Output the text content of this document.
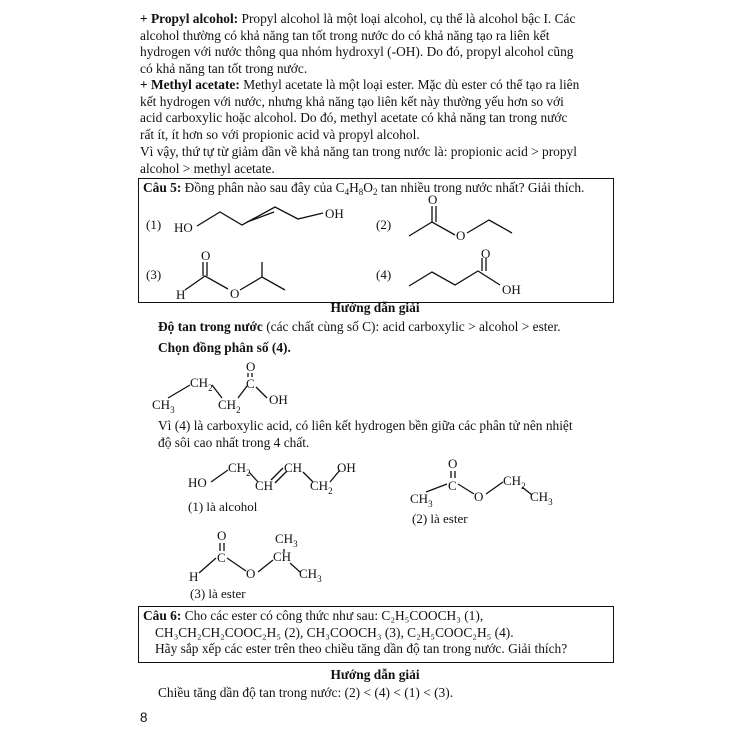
+ Propyl alcohol: Propyl alcohol là một loại alcohol, cụ thể là alcohol bậc I. Các
alcohol thường có khả năng tan tốt trong nước do có khả năng tạo ra liên kết
hydrogen với nước thông qua nhóm hydroxyl (-OH). Do đó, propyl alcohol cũng
có khả năng tan tốt trong nước.
+ Methyl acetate: Methyl acetate là một loại ester. Mặc dù ester có thể tạo ra liên
kết hydrogen với nước, nhưng khả năng tạo liên kết này thường yếu hơn so với
acid carboxylic hoặc alcohol. Do đó, methyl acetate có khả năng tan trong nước
rất ít, ít hơn so với propionic acid và propyl alcohol.
Vì vậy, thứ tự từ giảm dần về khả năng tan trong nước là: propionic acid > propyl
alcohol > methyl acetate.
Câu 5: Đồng phân nào sau đây của $C_4H_8O_2$ tan nhiều trong nước nhất? Giải thích.
(1) HO
OH
(2)
O
O
(3)
H
O
O
(4)
O
OH
Hướng dẫn giải
Độ tan trong nước (các chất cùng số C): acid carboxylic > alcohol > ester.
Chọn đồng phân số (4).
$CH_3$
$CH_2$
$CH_2$
C
O
OH
Vì (4) là carboxylic acid, có liên kết hydrogen bền giữa các phân tử nên nhiệt
độ sôi cao nhất trong 4 chất.
HO
$CH_2$
CH
CH
$CH_2$
OH
(1) là alcohol
O
C
$CH_3$	O
$CH_2$
$CH_3$
(2) là ester
O
C
H	O
CH
$CH_3$
$CH_3$
(3) là ester
Câu 6: Cho các ester có công thức như sau: C₂H₅COOCH₃ (1),
CH₃CH₂CH₂COOC₂H₅ (2), CH₃COOCH₃ (3), C₂H₅COOC₂H₅ (4).
Hãy sắp xếp các ester trên theo chiều tăng dần độ tan trong nước. Giải thích?
Hướng dẫn giải
Chiều tăng dần độ tan trong nước: (2) < (4) < (1) < (3).
8
